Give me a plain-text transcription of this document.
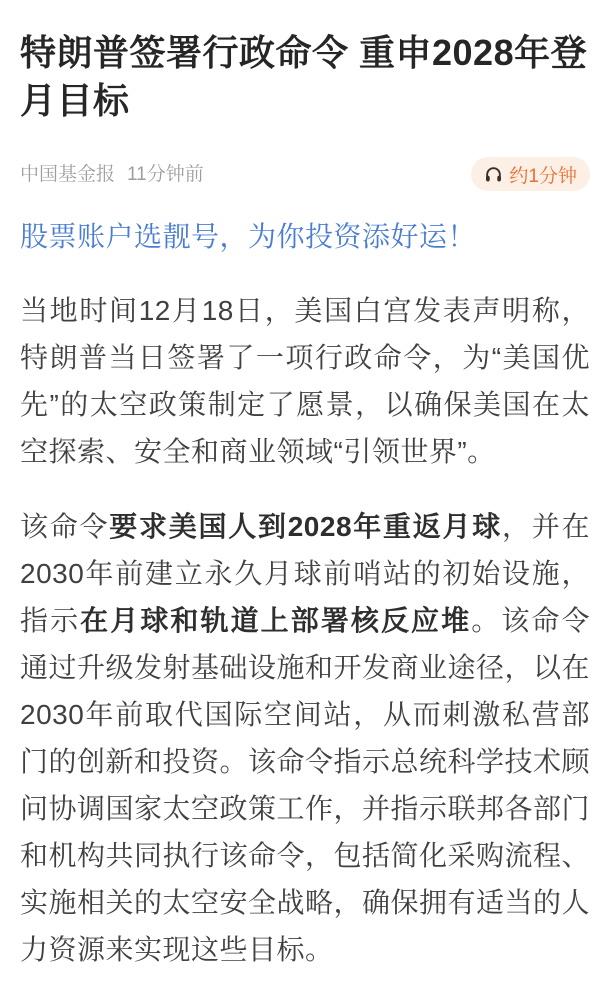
特朗普签署行政命令 重申2028年登月目标
中国基金报 11分钟前	约1分钟
股票账户选靓号，为你投资添好运！

当地时间12月18日，美国白宫发表声明称，特朗普当日签署了一项行政命令，为“美国优先”的太空政策制定了愿景，以确保美国在太空探索、安全和商业领域“引领世界”。

该命令要求美国人到2028年重返月球，并在2030年前建立永久月球前哨站的初始设施，指示在月球和轨道上部署核反应堆。该命令通过升级发射基础设施和开发商业途径，以在2030年前取代国际空间站，从而刺激私营部门的创新和投资。该命令指示总统科学技术顾问协调国家太空政策工作，并指示联邦各部门和机构共同执行该命令，包括简化采购流程、实施相关的太空安全战略，确保拥有适当的人力资源来实现这些目标。
